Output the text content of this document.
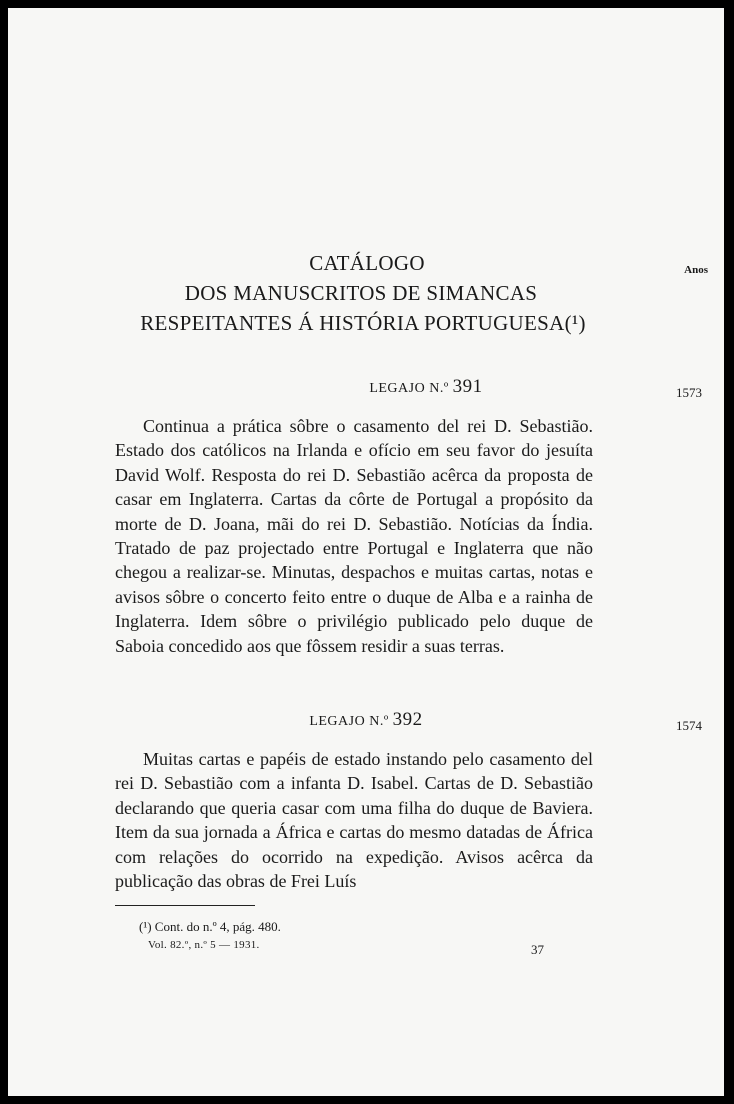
CATÁLOGO
DOS MANUSCRITOS DE SIMANCAS
RESPEITANTES Á HISTÓRIA PORTUGUESA(¹)
Anos
LEGAJO N.º 391	1573

Continua a prática sôbre o casamento del rei D. Sebastião. Estado dos católicos na Irlanda e ofício em seu favor do jesuíta David Wolf. Resposta do rei D. Sebastião acêrca da proposta de casar em Inglaterra. Cartas da côrte de Portugal a propósito da morte de D. Joana, mãi do rei D. Sebastião. Notícias da Índia. Tratado de paz projectado entre Portugal e Inglaterra que não chegou a realizar-se. Minutas, despachos e muitas cartas, notas e avisos sôbre o concerto feito entre o duque de Alba e a rainha de Inglaterra. Idem sôbre o privilégio publicado pelo duque de Saboia concedido aos que fôssem residir a suas terras.

LEGAJO N.º 392	1574

Muitas cartas e papéis de estado instando pelo casamento del rei D. Sebastião com a infanta D. Isabel. Cartas de D. Sebastião declarando que queria casar com uma filha do duque de Baviera. Item da sua jornada a África e cartas do mesmo datadas de África com relações do ocorrido na expedição. Avisos acêrca da publicação das obras de Frei Luís

(¹) Cont. do n.º 4, pág. 480.
Vol. 82.º, n.º 5 — 1931.	37
